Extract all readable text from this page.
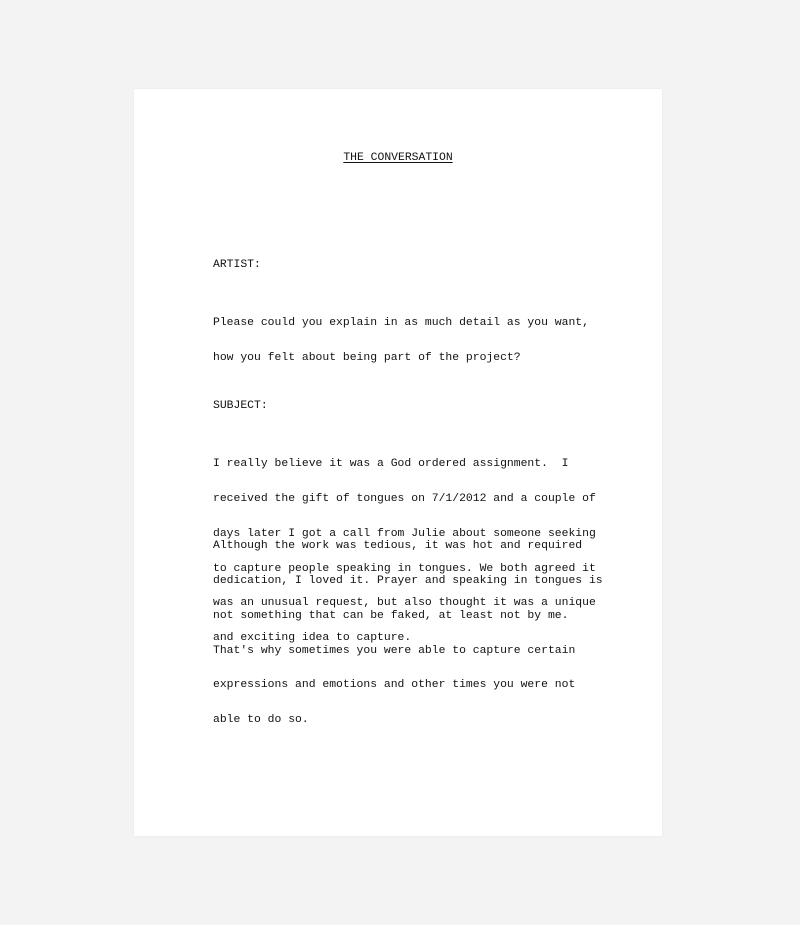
THE CONVERSATION
ARTIST:

Please could you explain in as much detail as you want,

how you felt about being part of the project?

SUBJECT:

I really believe it was a God ordered assignment.  I

received the gift of tongues on 7/1/2012 and a couple of

days later I got a call from Julie about someone seeking

to capture people speaking in tongues. We both agreed it

was an unusual request, but also thought it was a unique

and exciting idea to capture.

Although the work was tedious, it was hot and required

dedication, I loved it. Prayer and speaking in tongues is

not something that can be faked, at least not by me.

That's why sometimes you were able to capture certain

expressions and emotions and other times you were not

able to do so.
